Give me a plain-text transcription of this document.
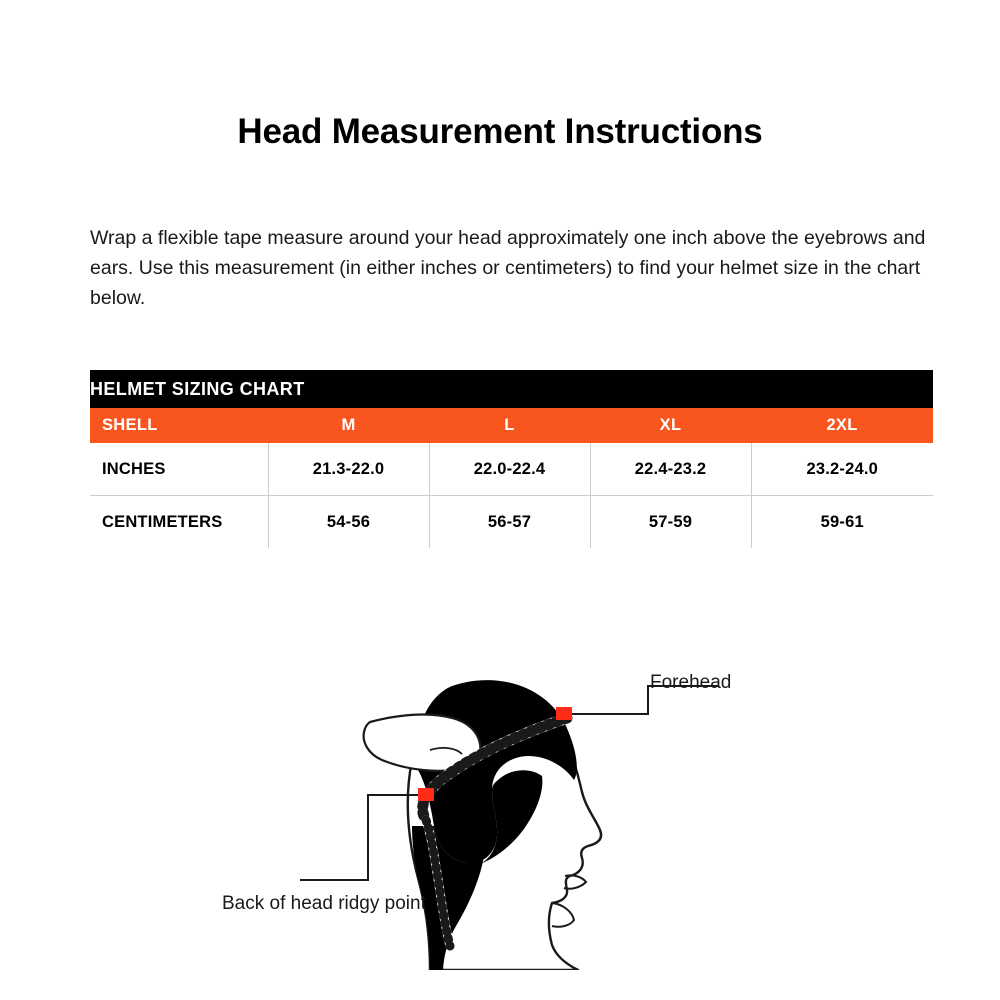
Head Measurement Instructions

Wrap a flexible tape measure around your head approximately one inch above the eyebrows and ears. Use this measurement (in either inches or centimeters) to find your helmet size in the chart below.

HELMET SIZING CHART				
SHELL	M	L	XL	2XL
INCHES	21.3-22.0	22.0-22.4	22.4-23.2	23.2-24.0
CENTIMETERS	54-56	56-57	57-59	59-61
Forehead
Back of head ridgy point
